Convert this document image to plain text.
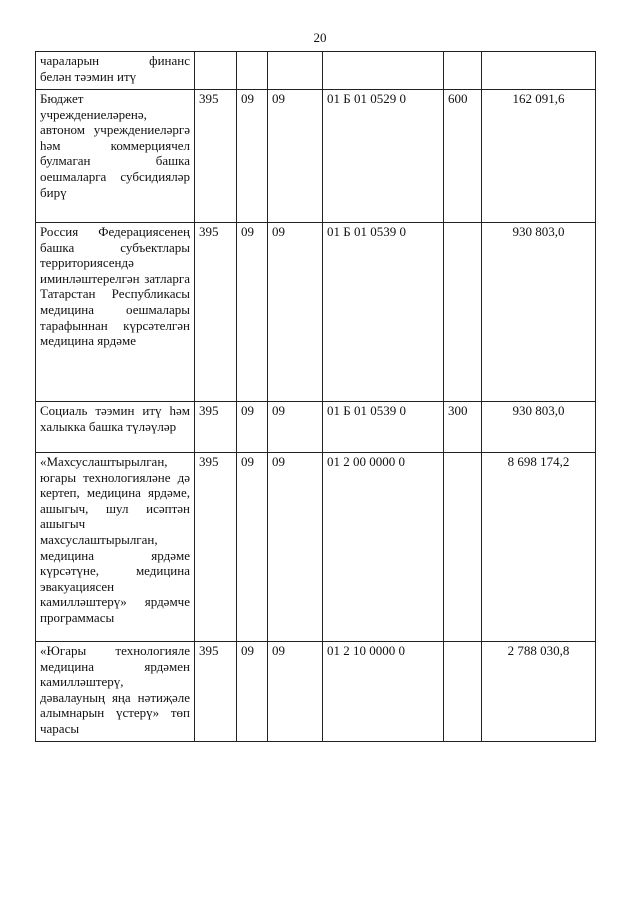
20
чараларын финанс
белән тәэмин итү						
Бюджет учреждениеләренә, автоном учреждениеләргә һәм коммерциячел булмаган башка оешмаларга субсидияләр бирү	395	09	09	01 Б 01 0529 0	600	162 091,6
Россия Федерациясенең башка субъектлары территориясендә иминләштерелгән затларга Татарстан Республикасы медицина оешмалары тарафыннан күрсәтелгән медицина ярдәме	395	09	09	01 Б 01 0539 0		930 803,0
Социаль тәэмин итү һәм халыкка башка түләүләр	395	09	09	01 Б 01 0539 0	300	930 803,0
«Махсуслаштырылган, югары технологияләне дә кертеп, медицина ярдәме, ашыгыч, шул исәптән ашыгыч махсуслаштырылган, медицина ярдәме күрсәтүне, медицина эвакуациясен камилләштерү» ярдәмче программасы	395	09	09	01 2 00 0000 0		8 698 174,2
«Югары технологияле медицина ярдәмен камилләштерү, дәвалауның яңа нәтиҗәле алымнарын үстерү» төп чарасы	395	09	09	01 2 10 0000 0		2 788 030,8
